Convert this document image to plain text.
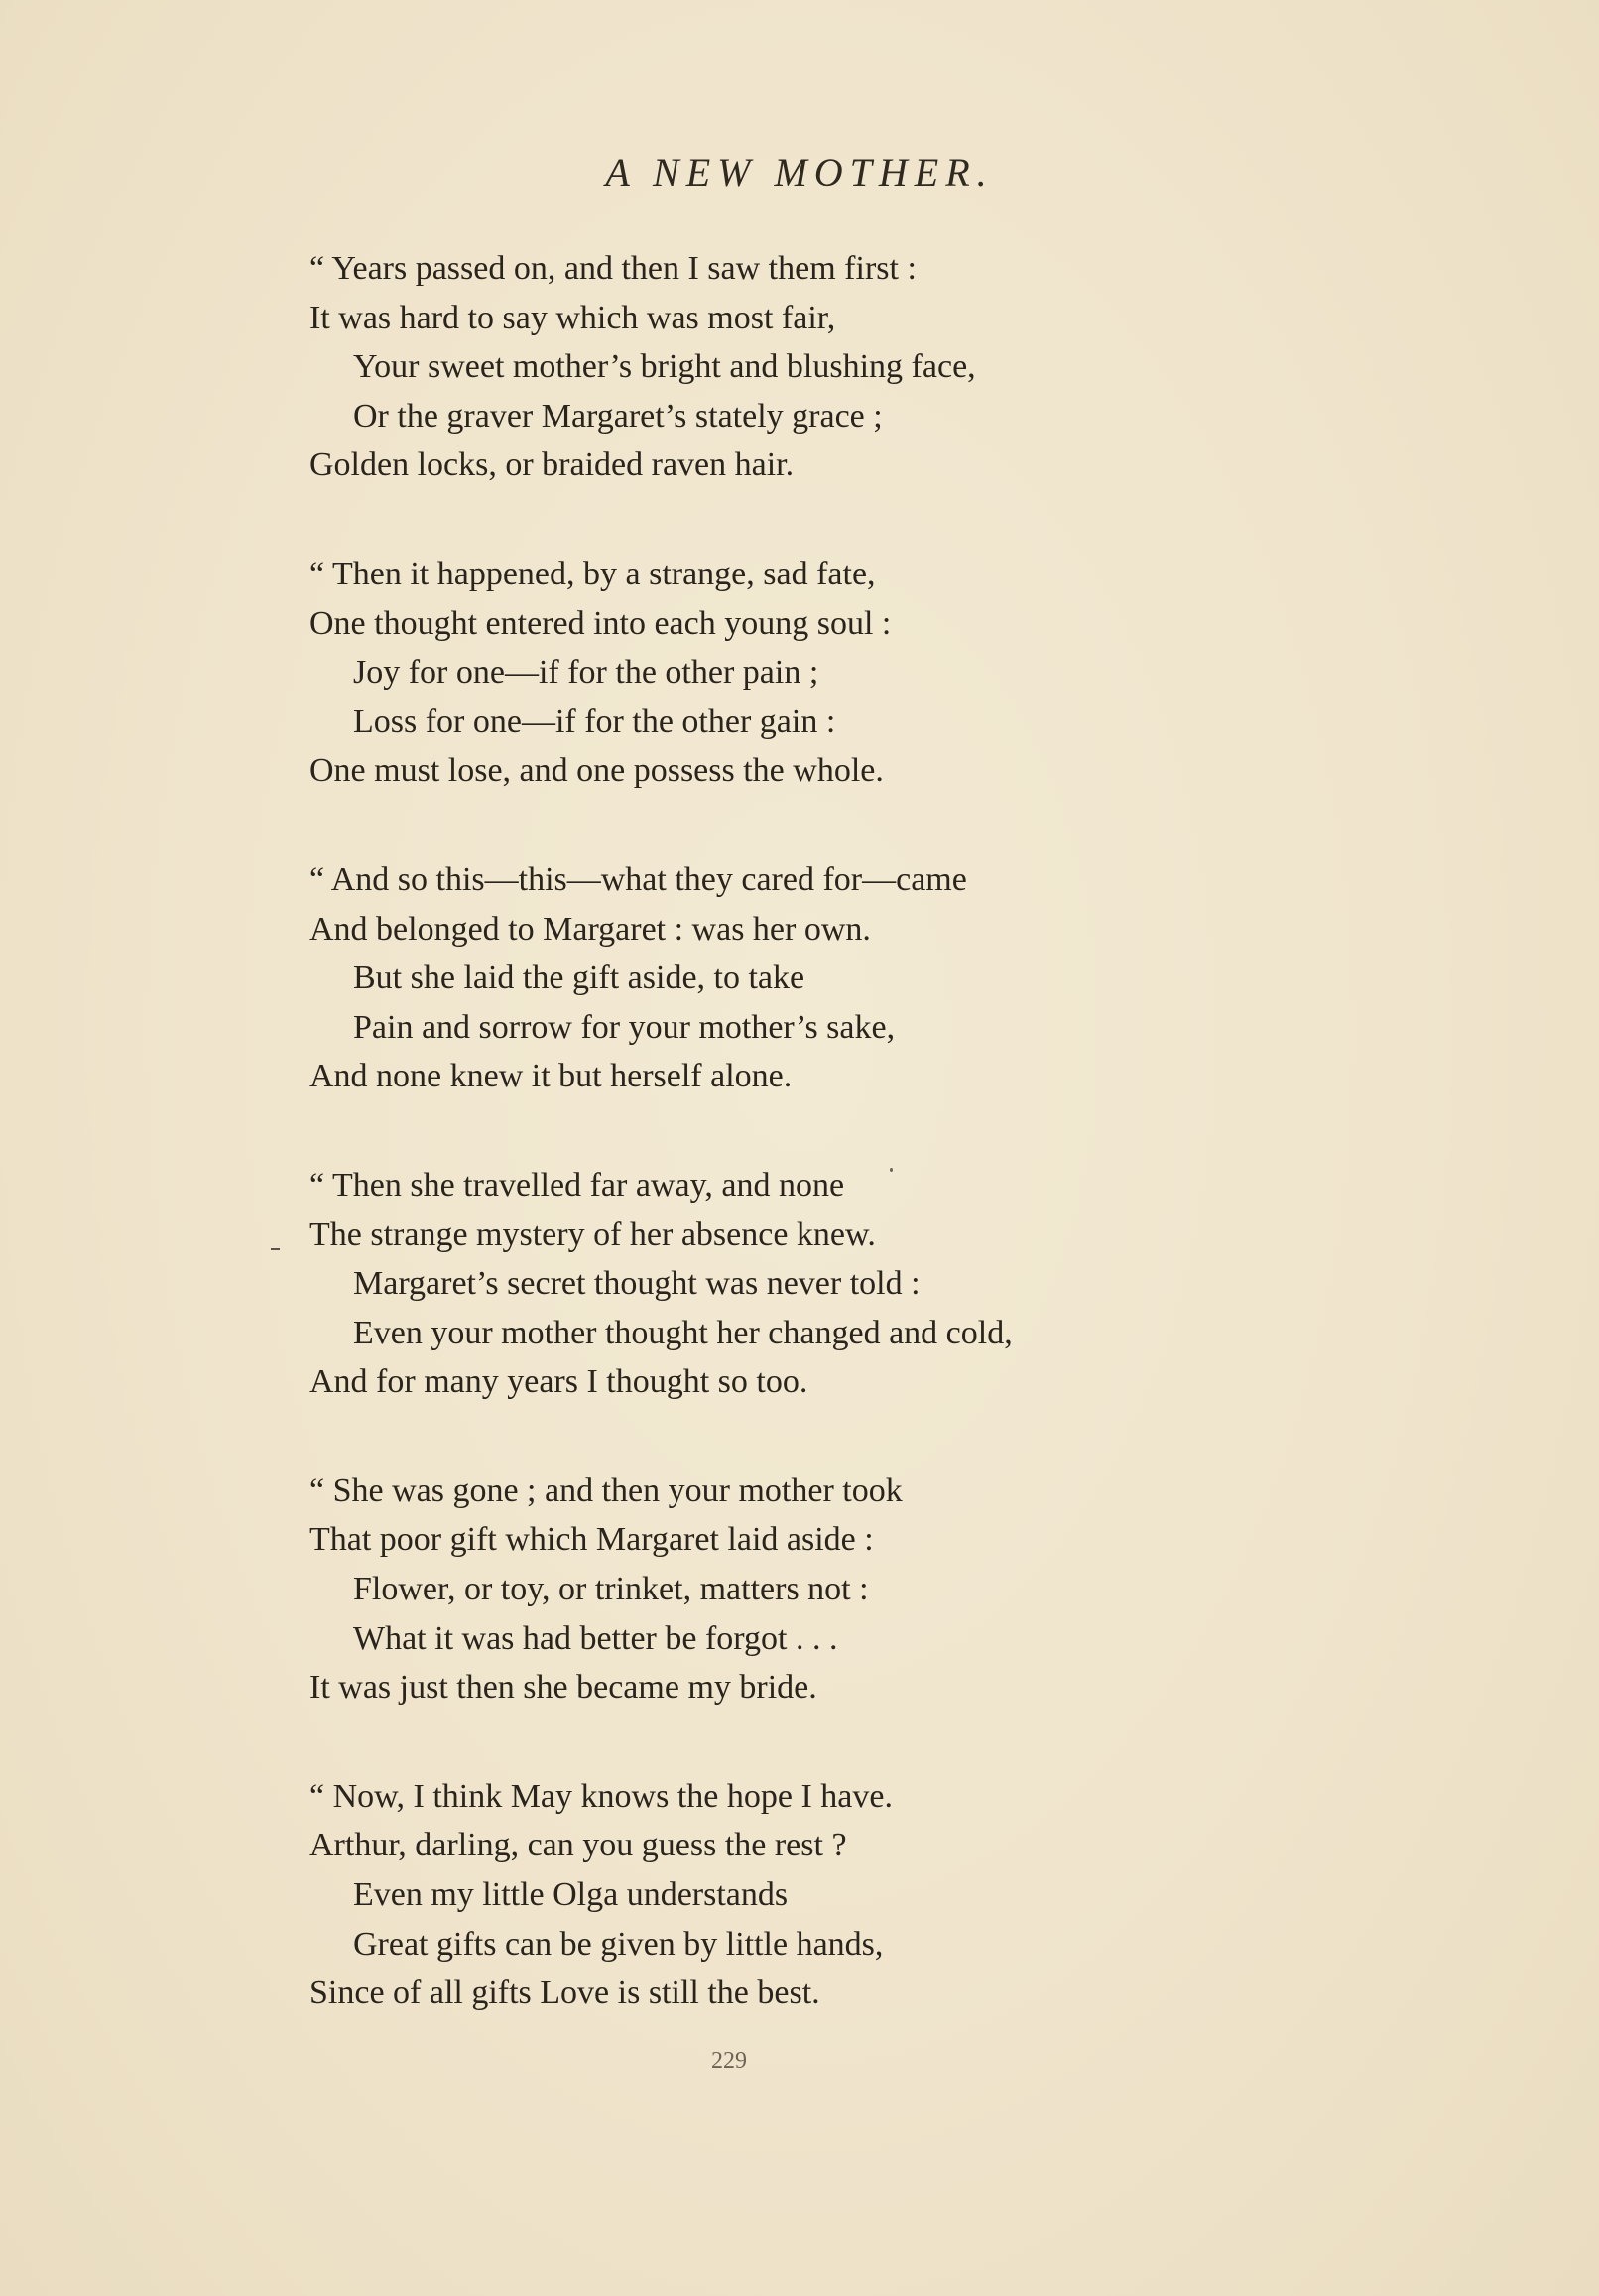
A NEW MOTHER.
“ Years passed on, and then I saw them first :
It was hard to say which was most fair,
Your sweet mother’s bright and blushing face,
Or the graver Margaret’s stately grace ;
Golden locks, or braided raven hair.
“ Then it happened, by a strange, sad fate,
One thought entered into each young soul :
Joy for one—if for the other pain ;
Loss for one—if for the other gain :
One must lose, and one possess the whole.
“ And so this—this—what they cared for—came
And belonged to Margaret : was her own.
But she laid the gift aside, to take
Pain and sorrow for your mother’s sake,
And none knew it but herself alone.
“ Then she travelled far away, and none
The strange mystery of her absence knew.
Margaret’s secret thought was never told :
Even your mother thought her changed and cold,
And for many years I thought so too.
“ She was gone ; and then your mother took
That poor gift which Margaret laid aside :
Flower, or toy, or trinket, matters not :
What it was had better be forgot . . .
It was just then she became my bride.
“ Now, I think May knows the hope I have.
Arthur, darling, can you guess the rest ?
Even my little Olga understands
Great gifts can be given by little hands,
Since of all gifts Love is still the best.
229
